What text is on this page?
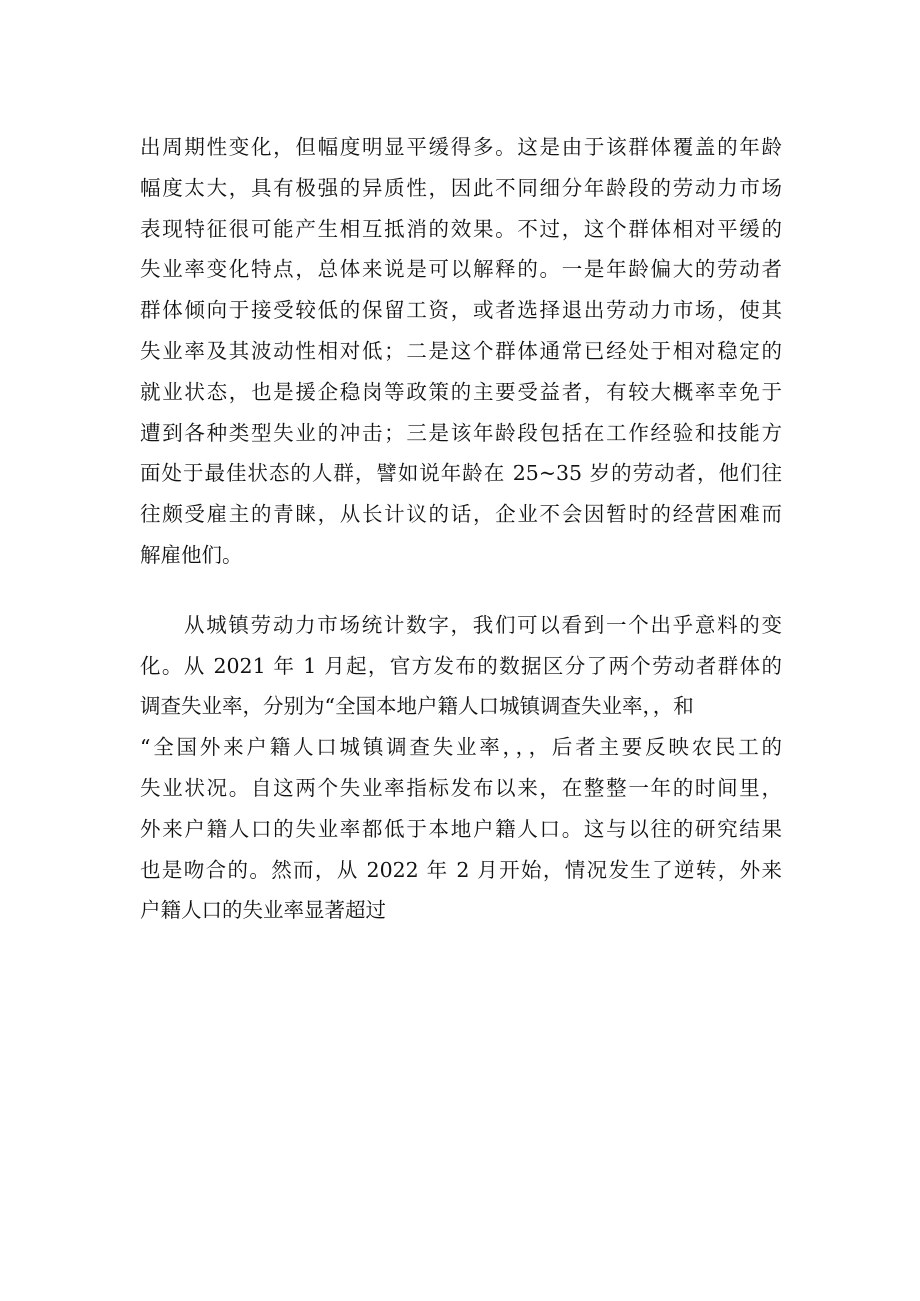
出周期性变化，但幅度明显平缓得多。这是由于该群体覆盖的年龄
幅度太大，具有极强的异质性，因此不同细分年龄段的劳动力市场
表现特征很可能产生相互抵消的效果。不过，这个群体相对平缓的
失业率变化特点，总体来说是可以解释的。一是年龄偏大的劳动者
群体倾向于接受较低的保留工资，或者选择退出劳动力市场，使其
失业率及其波动性相对低；二是这个群体通常已经处于相对稳定的
就业状态，也是援企稳岗等政策的主要受益者，有较大概率幸免于
遭到各种类型失业的冲击；三是该年龄段包括在工作经验和技能方
面处于最佳状态的人群，譬如说年龄在 25~35 岁的劳动者，他们往
往颇受雇主的青睐，从长计议的话，企业不会因暂时的经营困难而
解雇他们。
从城镇劳动力市场统计数字，我们可以看到一个出乎意料的变
化。从 2021 年 1 月起，官方发布的数据区分了两个劳动者群体的
调查失业率，分别为“全国本地户籍人口城镇调查失业率，，和
“全国外来户籍人口城镇调查失业率，，，后者主要反映农民工的
失业状况。自这两个失业率指标发布以来，在整整一年的时间里，
外来户籍人口的失业率都低于本地户籍人口。这与以往的研究结果
也是吻合的。然而，从 2022 年 2 月开始，情况发生了逆转，外来
户籍人口的失业率显著超过
